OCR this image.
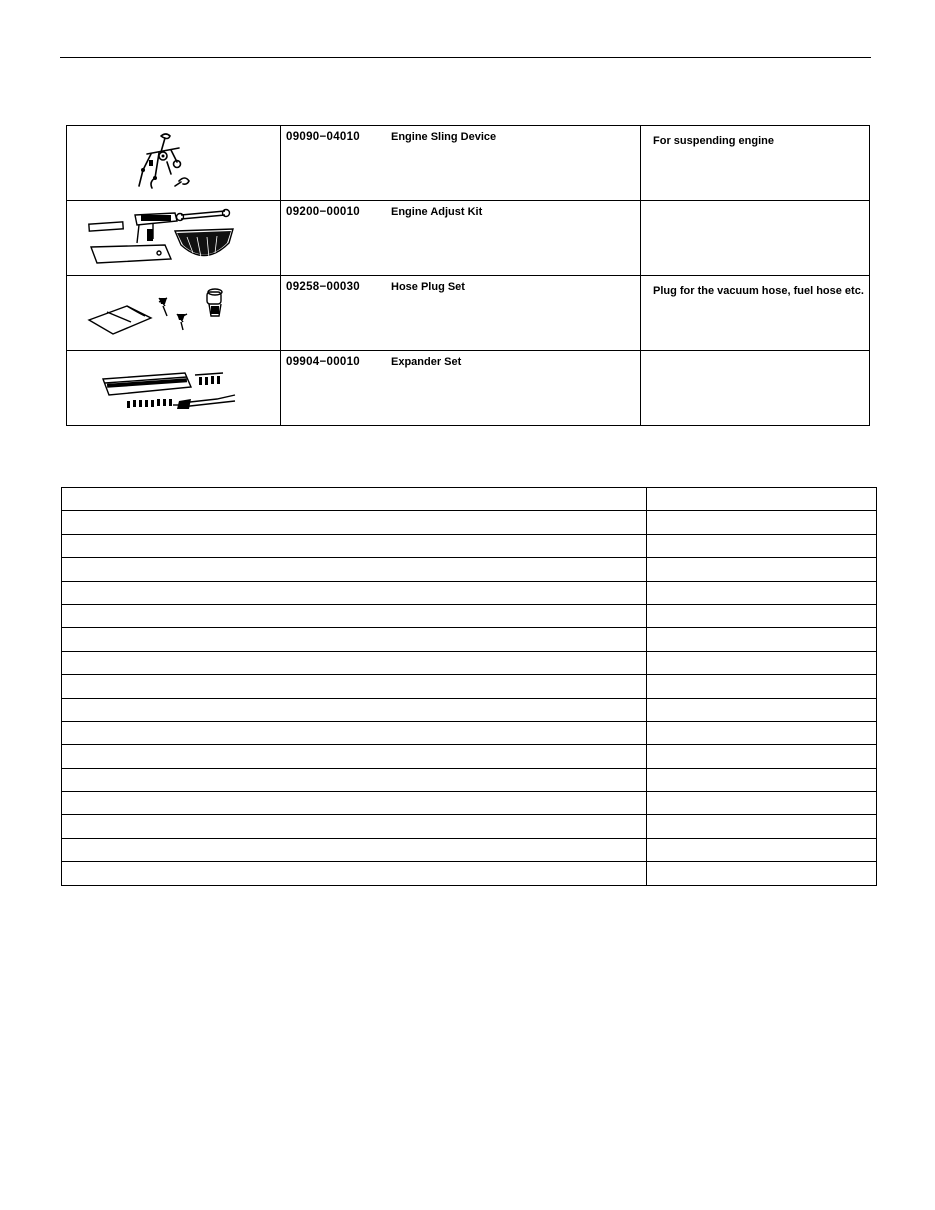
09090−04010 Engine Sling Device	For suspending engine

09200−00010 Engine Adjust Kit	

09258−00030 Hose Plug Set	Plug for the vacuum hose, fuel hose etc.

09904−00010 Expander Set	
